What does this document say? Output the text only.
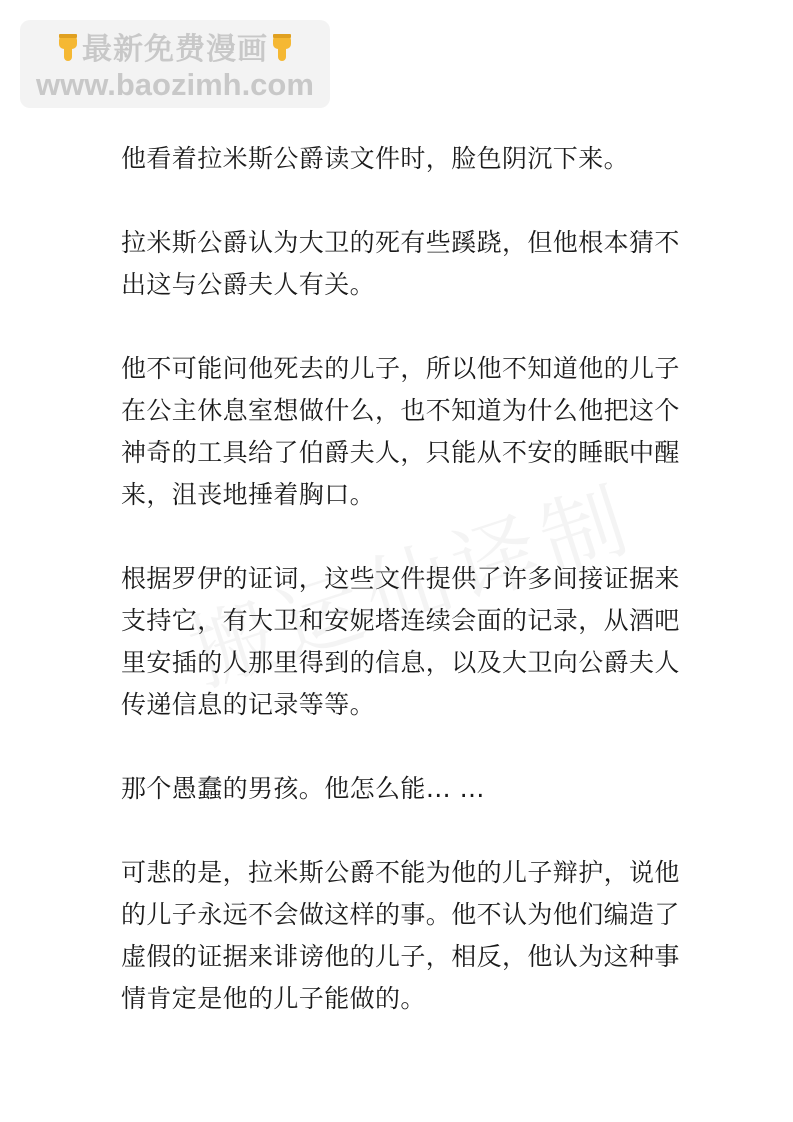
最新免费漫画
www.baozimh.com

他看着拉米斯公爵读文件时，脸色阴沉下来。

拉米斯公爵认为大卫的死有些蹊跷，但他根本猜不出这与公爵夫人有关。

他不可能问他死去的儿子，所以他不知道他的儿子在公主休息室想做什么，也不知道为什么他把这个神奇的工具给了伯爵夫人，只能从不安的睡眠中醒来，沮丧地捶着胸口。

根据罗伊的证词，这些文件提供了许多间接证据来支持它，有大卫和安妮塔连续会面的记录，从酒吧里安插的人那里得到的信息，以及大卫向公爵夫人传递信息的记录等等。

那个愚蠢的男孩。他怎么能… …

可悲的是，拉米斯公爵不能为他的儿子辩护，说他的儿子永远不会做这样的事。他不认为他们编造了虚假的证据来诽谤他的儿子，相反，他认为这种事情肯定是他的儿子能做的。
